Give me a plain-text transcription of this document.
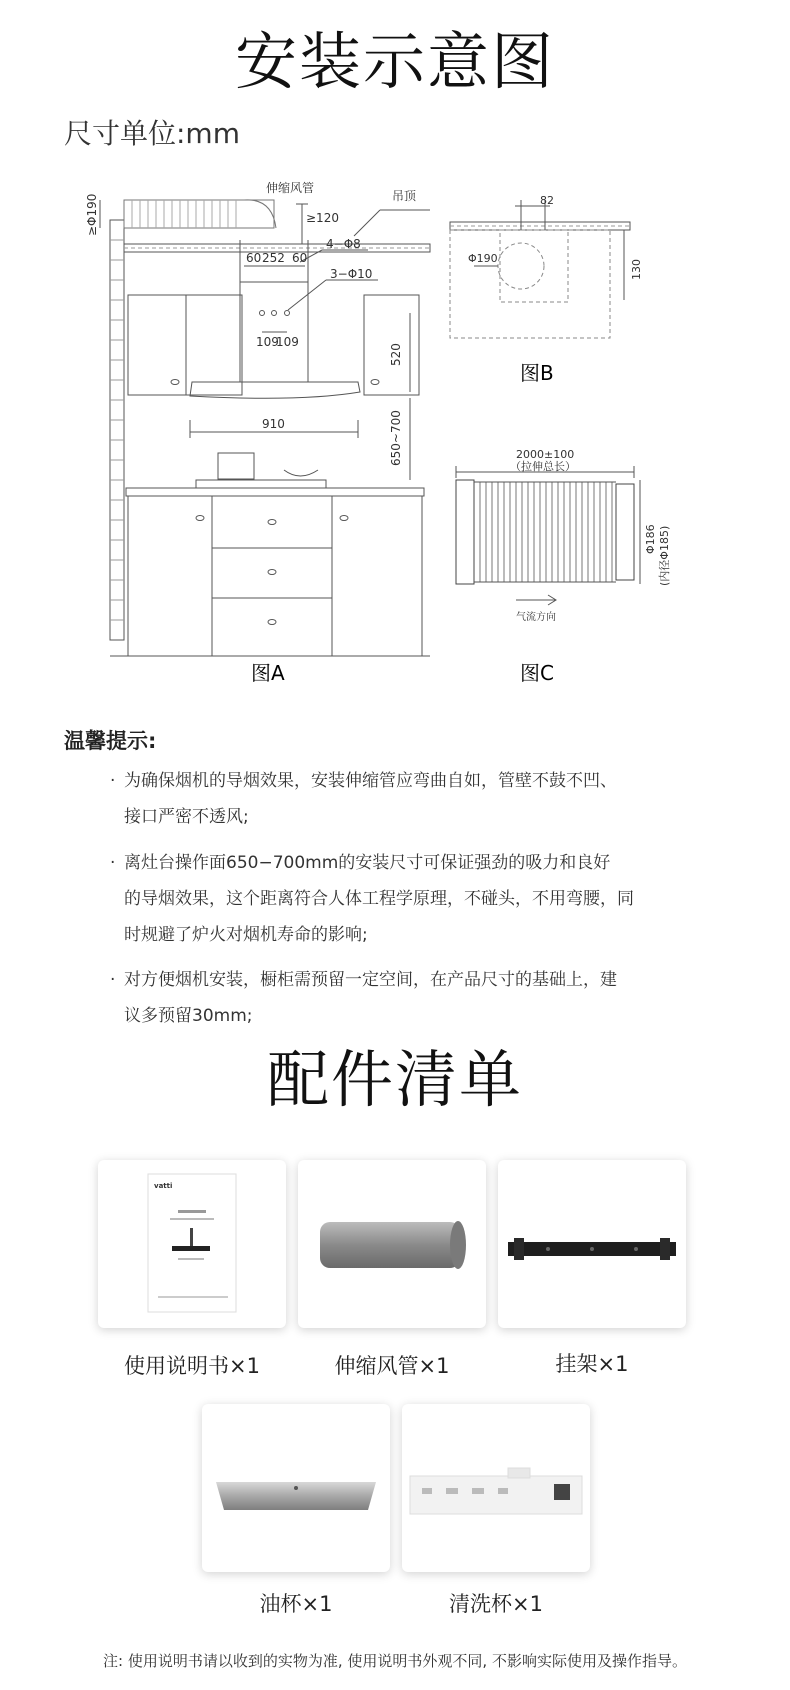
安装示意图
尺寸单位:mm
伸缩风管
吊顶
≥Φ190	≥120
4−Φ8
3−Φ10
60 252 60
109
109
520
910	650~700
图A
82
Φ190
130
图B
2000±100
（拉伸总长）
Φ186 (内径Φ185)
气流方向
图C
温馨提示:
· 为确保烟机的导烟效果，安装伸缩管应弯曲自如，管壁不鼓不凹、
接口严密不透风;
· 离灶台操作面650−700mm的安装尺寸可保证强劲的吸力和良好
的导烟效果，这个距离符合人体工程学原理，不碰头，不用弯腰，同
时规避了炉火对烟机寿命的影响;
· 对方便烟机安装，橱柜需预留一定空间，在产品尺寸的基础上，建
议多预留30mm;
配件清单
vatti
使用说明书×1	伸缩风管×1	挂架×1
油杯×1	清洗杯×1
注: 使用说明书请以收到的实物为准, 使用说明书外观不同, 不影响实际使用及操作指导。
